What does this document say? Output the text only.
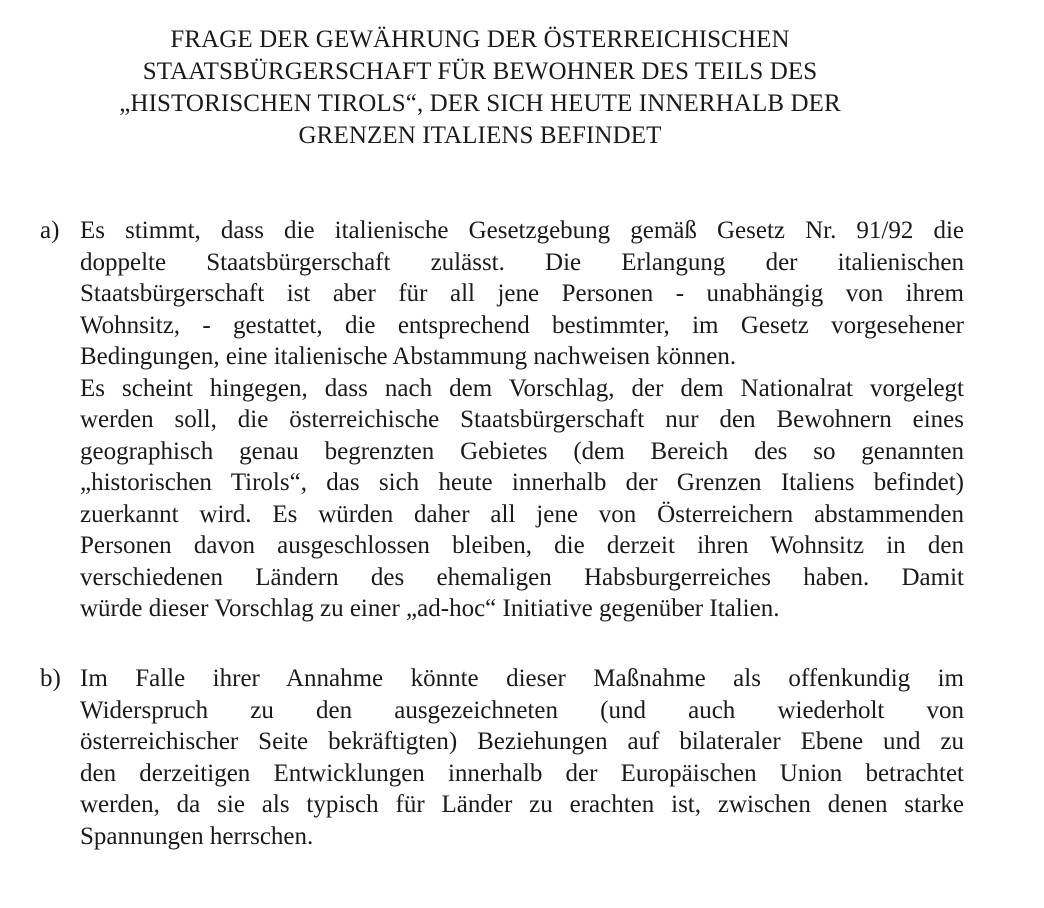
FRAGE DER GEWÄHRUNG DER ÖSTERREICHISCHEN
STAATSBÜRGERSCHAFT FÜR BEWOHNER DES TEILS DES
„HISTORISCHEN TIROLS“, DER SICH HEUTE INNERHALB DER
GRENZEN ITALIENS BEFINDET
a) Es stimmt, dass die italienische Gesetzgebung gemäß Gesetz Nr. 91/92 die
doppelte Staatsbürgerschaft zulässt. Die Erlangung der italienischen
Staatsbürgerschaft ist aber für all jene Personen - unabhängig von ihrem
Wohnsitz, - gestattet, die entsprechend bestimmter, im Gesetz vorgesehener
Bedingungen, eine italienische Abstammung nachweisen können.
Es scheint hingegen, dass nach dem Vorschlag, der dem Nationalrat vorgelegt
werden soll, die österreichische Staatsbürgerschaft nur den Bewohnern eines
geographisch genau begrenzten Gebietes (dem Bereich des so genannten
„historischen Tirols“, das sich heute innerhalb der Grenzen Italiens befindet)
zuerkannt wird. Es würden daher all jene von Österreichern abstammenden
Personen davon ausgeschlossen bleiben, die derzeit ihren Wohnsitz in den
verschiedenen Ländern des ehemaligen Habsburgerreiches haben. Damit
würde dieser Vorschlag zu einer „ad-hoc“ Initiative gegenüber Italien.
b) Im Falle ihrer Annahme könnte dieser Maßnahme als offenkundig im
Widerspruch zu den ausgezeichneten (und auch wiederholt von
österreichischer Seite bekräftigten) Beziehungen auf bilateraler Ebene und zu
den derzeitigen Entwicklungen innerhalb der Europäischen Union betrachtet
werden, da sie als typisch für Länder zu erachten ist, zwischen denen starke
Spannungen herrschen.
